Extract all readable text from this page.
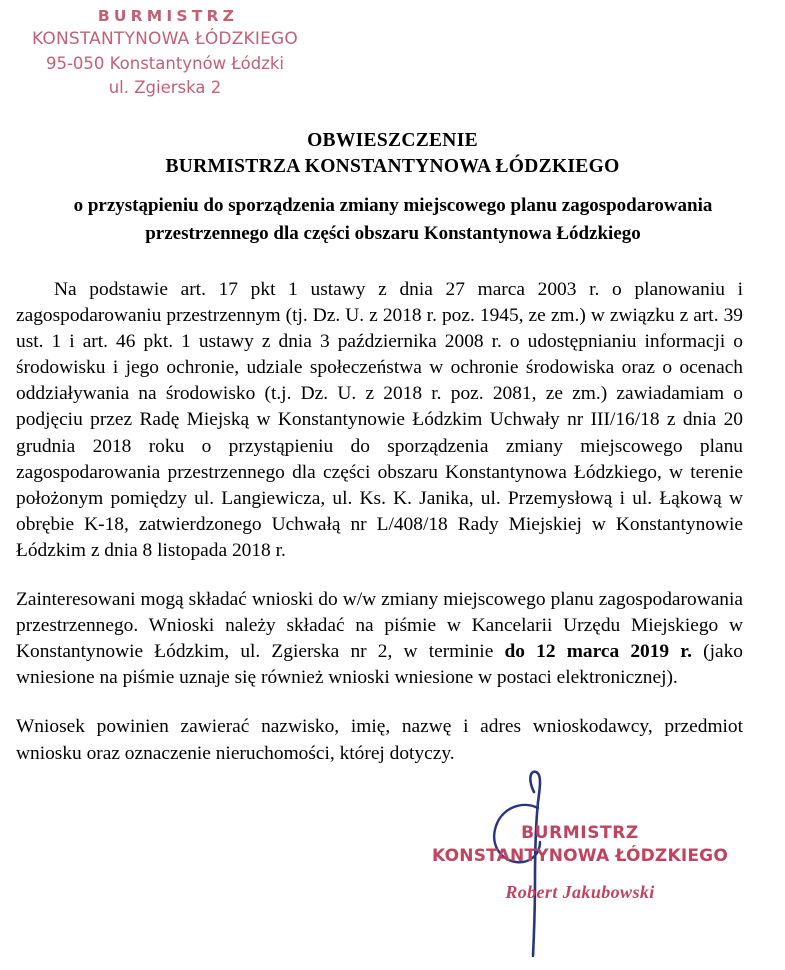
BURMISTRZ
KONSTANTYNOWA ŁÓDZKIEGO
95-050 Konstantynów Łódzki
ul. Zgierska 2
OBWIESZCZENIE
BURMISTRZA KONSTANTYNOWA ŁÓDZKIEGO
o przystąpieniu do sporządzenia zmiany miejscowego planu zagospodarowania
przestrzennego dla części obszaru Konstantynowa Łódzkiego

Na podstawie art. 17 pkt 1 ustawy z dnia 27 marca 2003 r. o planowaniu i zagospodarowaniu przestrzennym (tj. Dz. U. z 2018 r. poz. 1945, ze zm.) w związku z art. 39 ust. 1 i art. 46 pkt. 1 ustawy z dnia 3 października 2008 r. o udostępnianiu informacji o środowisku i jego ochronie, udziale społeczeństwa w ochronie środowiska oraz o ocenach oddziaływania na środowisko (t.j. Dz. U. z 2018 r. poz. 2081, ze zm.) zawiadamiam o podjęciu przez Radę Miejską w Konstantynowie Łódzkim Uchwały nr III/16/18 z dnia 20 grudnia 2018 roku o przystąpieniu do sporządzenia zmiany miejscowego planu zagospodarowania przestrzennego dla części obszaru Konstantynowa Łódzkiego, w terenie położonym pomiędzy ul. Langiewicza, ul. Ks. K. Janika, ul. Przemysłową i ul. Łąkową w obrębie K-18, zatwierdzonego Uchwałą nr L/408/18 Rady Miejskiej w Konstantynowie Łódzkim z dnia 8 listopada 2018 r.

Zainteresowani mogą składać wnioski do w/w zmiany miejscowego planu zagospodarowania przestrzennego. Wnioski należy składać na piśmie w Kancelarii Urzędu Miejskiego w Konstantynowie Łódzkim, ul. Zgierska nr 2, w terminie do 12 marca 2019 r. (jako wniesione na piśmie uznaje się również wnioski wniesione w postaci elektronicznej).

Wniosek powinien zawierać nazwisko, imię, nazwę i adres wnioskodawcy, przedmiot wniosku oraz oznaczenie nieruchomości, której dotyczy.

BURMISTRZ
KONSTANTYNOWA ŁÓDZKIEGO
Robert Jakubowski
